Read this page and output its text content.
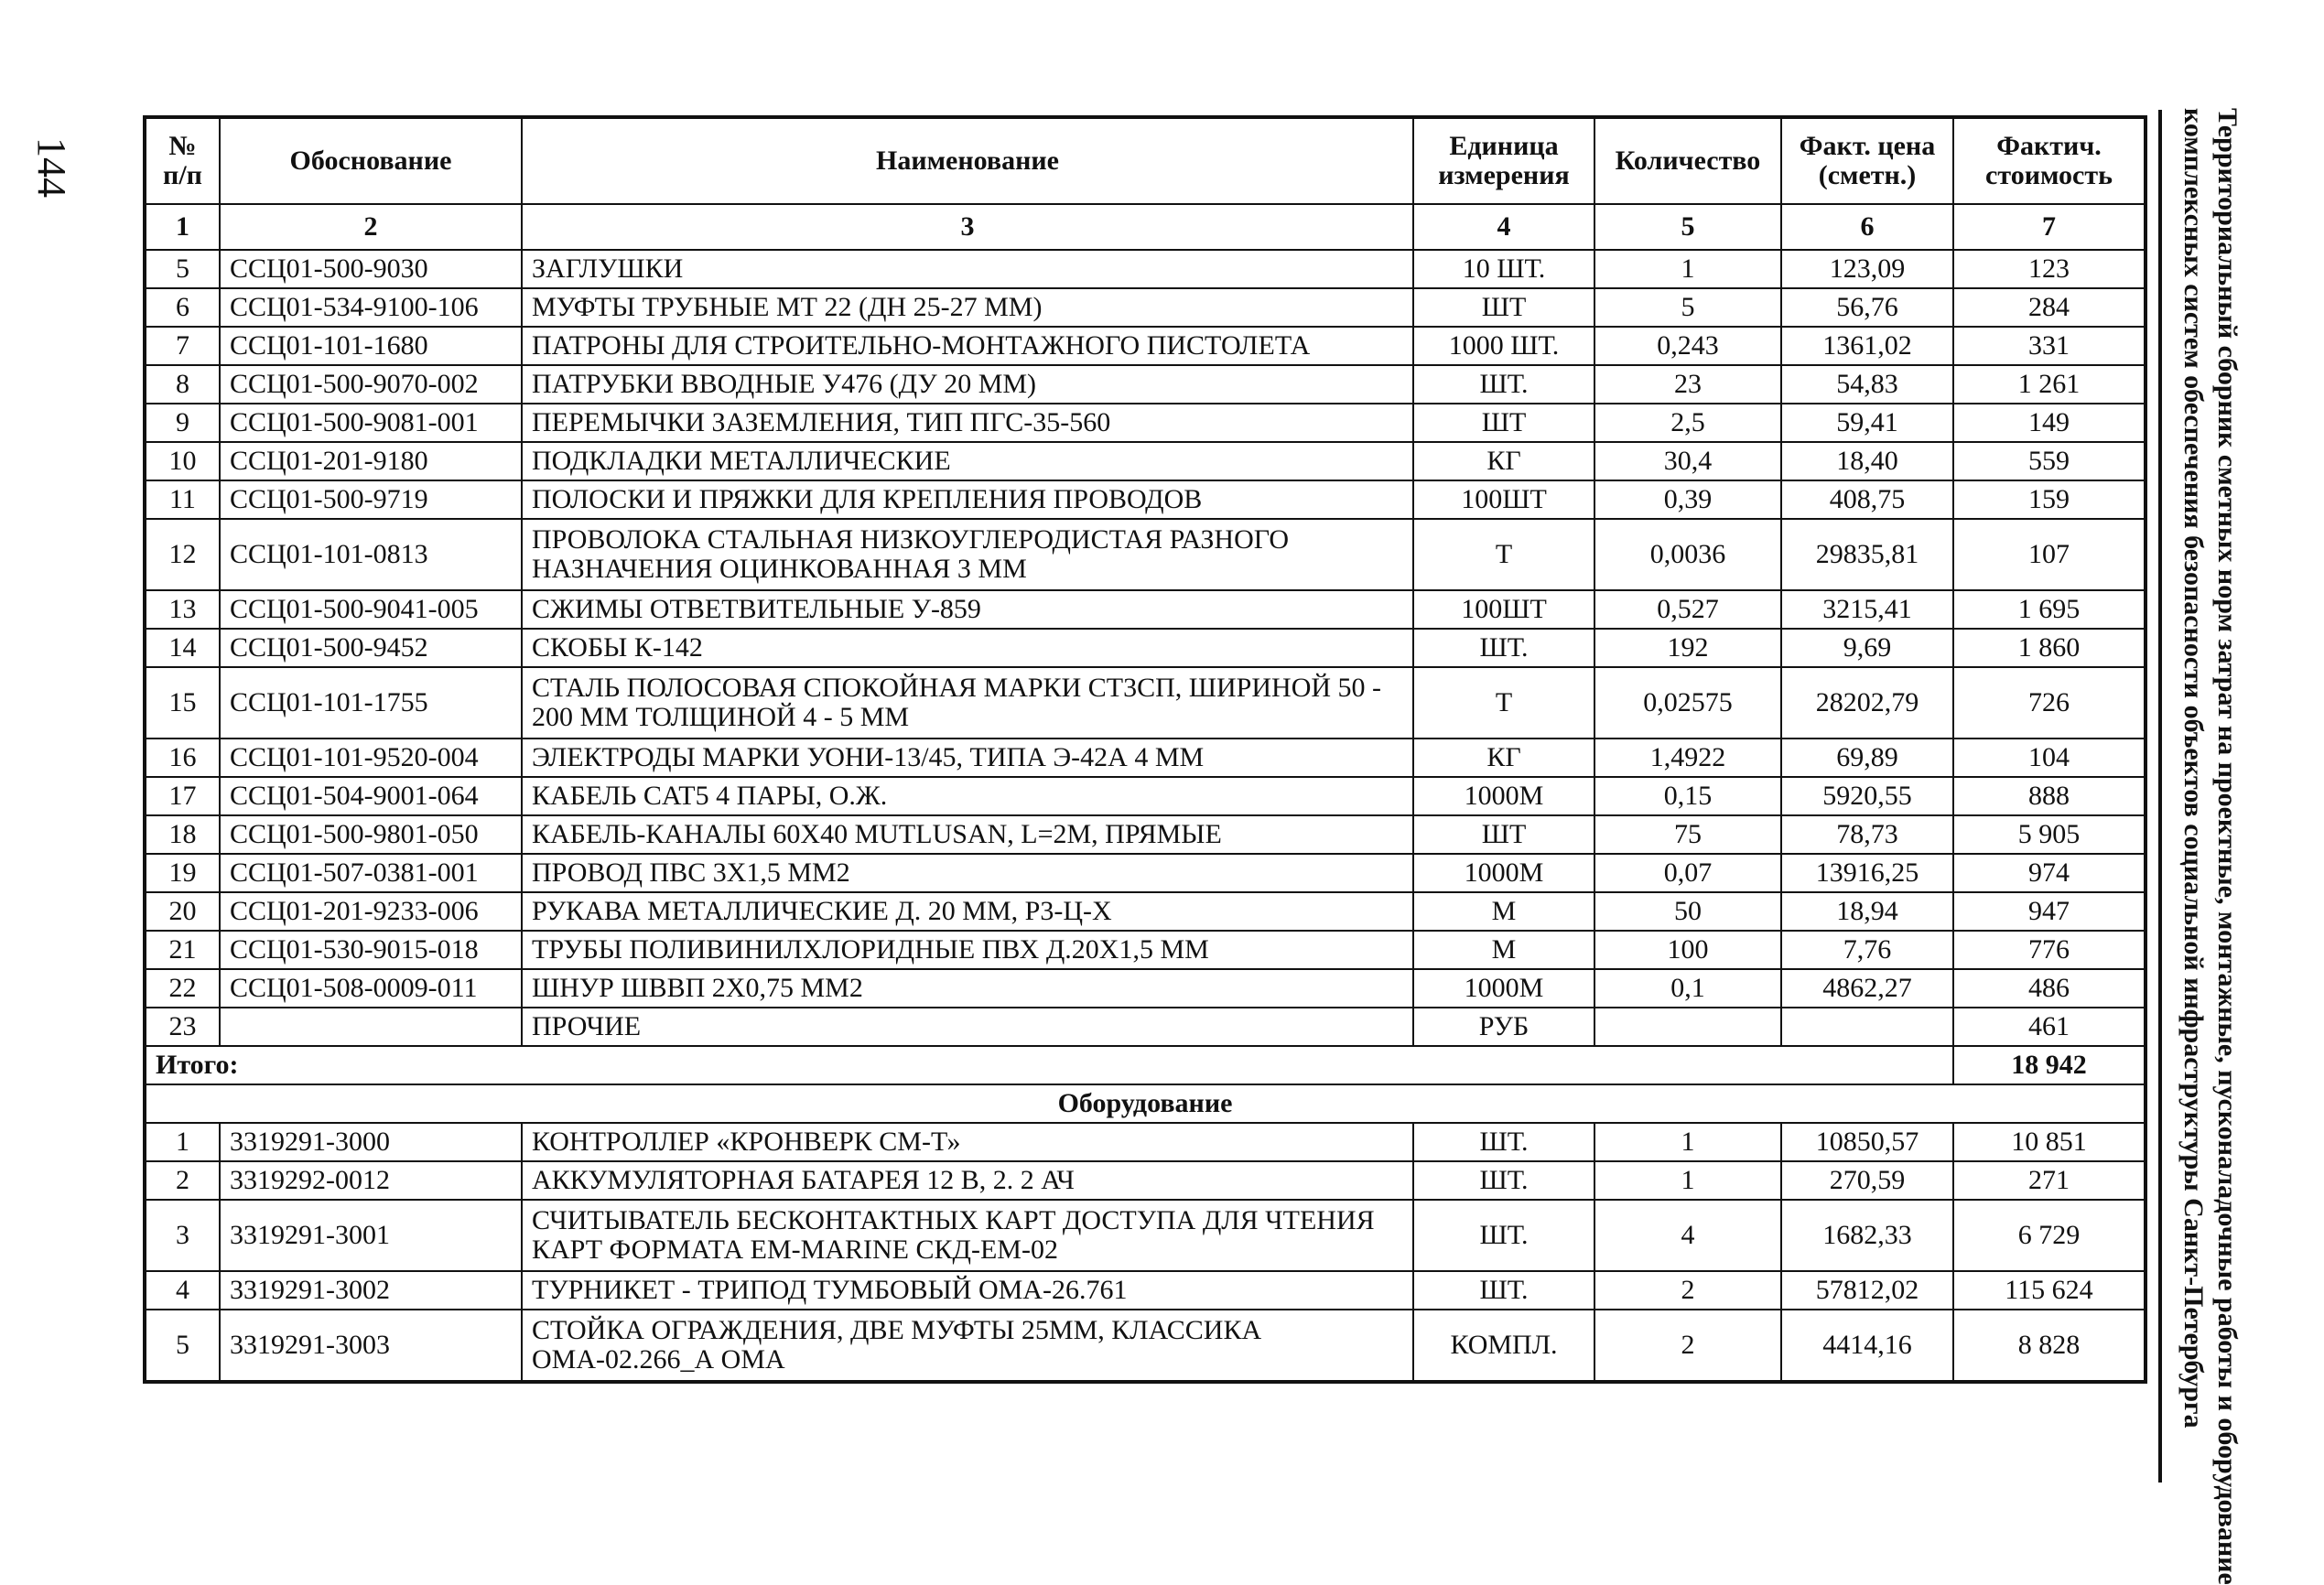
144	Территориальный сборник сметных норм затрат на проектные, монтажные, пусконаладочные работы и оборудование
комплексных систем обеспечения безопасности объектов социальной инфраструктуры Санкт-Петербурга
№ п/п	Обоснование	Наименование	Единица измерения	Количество	Факт. цена (сметн.)	Фактич. стоимость
1	2	3	4	5	6	7
5	ССЦ01-500-9030	ЗАГЛУШКИ	10 ШТ.	1	123,09	123
6	ССЦ01-534-9100-106	МУФТЫ ТРУБНЫЕ МТ 22 (ДН 25-27 ММ)	ШТ	5	56,76	284
7	ССЦ01-101-1680	ПАТРОНЫ ДЛЯ СТРОИТЕЛЬНО-МОНТАЖНОГО ПИСТОЛЕТА	1000 ШТ.	0,243	1361,02	331
8	ССЦ01-500-9070-002	ПАТРУБКИ ВВОДНЫЕ У476 (ДУ 20 ММ)	ШТ.	23	54,83	1 261
9	ССЦ01-500-9081-001	ПЕРЕМЫЧКИ ЗАЗЕМЛЕНИЯ, ТИП ПГС-35-560	ШТ	2,5	59,41	149
10	ССЦ01-201-9180	ПОДКЛАДКИ МЕТАЛЛИЧЕСКИЕ	КГ	30,4	18,40	559
11	ССЦ01-500-9719	ПОЛОСКИ И ПРЯЖКИ ДЛЯ КРЕПЛЕНИЯ ПРОВОДОВ	100ШТ	0,39	408,75	159
12	ССЦ01-101-0813	ПРОВОЛОКА СТАЛЬНАЯ НИЗКОУГЛЕРОДИСТАЯ РАЗНОГО НАЗНАЧЕНИЯ ОЦИНКОВАННАЯ 3 ММ	Т	0,0036	29835,81	107
13	ССЦ01-500-9041-005	СЖИМЫ ОТВЕТВИТЕЛЬНЫЕ У-859	100ШТ	0,527	3215,41	1 695
14	ССЦ01-500-9452	СКОБЫ К-142	ШТ.	192	9,69	1 860
15	ССЦ01-101-1755	СТАЛЬ ПОЛОСОВАЯ СПОКОЙНАЯ МАРКИ СТ3СП, ШИРИНОЙ 50 - 200 ММ ТОЛЩИНОЙ 4 - 5 ММ	Т	0,02575	28202,79	726
16	ССЦ01-101-9520-004	ЭЛЕКТРОДЫ МАРКИ УОНИ-13/45, ТИПА Э-42А 4 ММ	КГ	1,4922	69,89	104
17	ССЦ01-504-9001-064	КАБЕЛЬ CAT5 4 ПАРЫ, О.Ж.	1000М	0,15	5920,55	888
18	ССЦ01-500-9801-050	КАБЕЛЬ-КАНАЛЫ 60Х40 MUTLUSAN, L=2М, ПРЯМЫЕ	ШТ	75	78,73	5 905
19	ССЦ01-507-0381-001	ПРОВОД ПВС 3Х1,5 ММ2	1000М	0,07	13916,25	974
20	ССЦ01-201-9233-006	РУКАВА МЕТАЛЛИЧЕСКИЕ Д. 20 ММ, Р3-Ц-Х	М	50	18,94	947
21	ССЦ01-530-9015-018	ТРУБЫ ПОЛИВИНИЛХЛОРИДНЫЕ ПВХ Д.20Х1,5 ММ	М	100	7,76	776
22	ССЦ01-508-0009-011	ШНУР ШВВП 2Х0,75 ММ2	1000М	0,1	4862,27	486
23		ПРОЧИЕ	РУБ			461
Итого:						18 942
Оборудование						
1	3319291-3000	КОНТРОЛЛЕР «КРОНВЕРК СМ-Т»	ШТ.	1	10850,57	10 851
2	3319292-0012	АККУМУЛЯТОРНАЯ БАТАРЕЯ 12 В, 2. 2 АЧ	ШТ.	1	270,59	271
3	3319291-3001	СЧИТЫВАТЕЛЬ БЕСКОНТАКТНЫХ КАРТ ДОСТУПА ДЛЯ ЧТЕНИЯ КАРТ ФОРМАТА EM-MARINE СКД-ЕМ-02	ШТ.	4	1682,33	6 729
4	3319291-3002	ТУРНИКЕТ - ТРИПОД ТУМБОВЫЙ ОМА-26.761	ШТ.	2	57812,02	115 624
5	3319291-3003	СТОЙКА ОГРАЖДЕНИЯ, ДВЕ МУФТЫ 25ММ, КЛАССИКА ОМА-02.266_А ОМА	КОМПЛ.	2	4414,16	8 828
